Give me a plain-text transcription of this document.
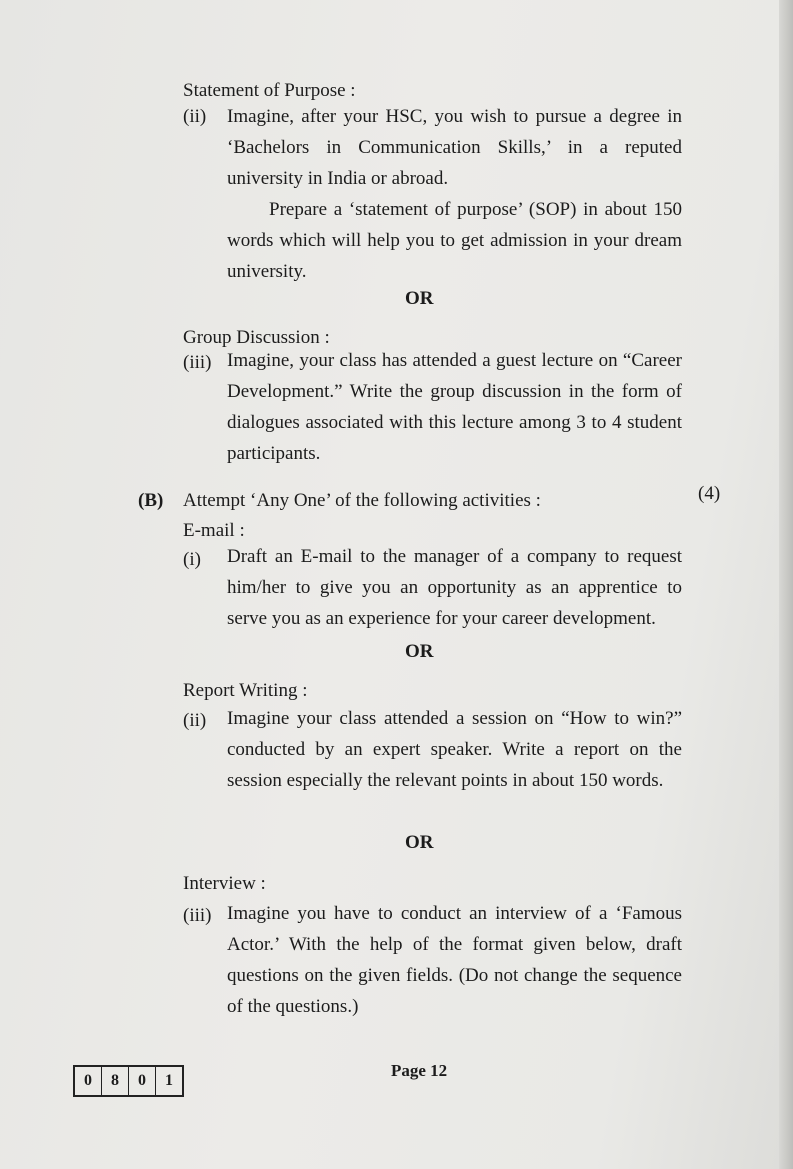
Statement of Purpose :
(ii) Imagine, after your HSC, you wish to pursue a degree in ‘Bachelors in Communication Skills,’ in a reputed university in India or abroad.

Prepare a ‘statement of purpose’ (SOP) in about 150 words which will help you to get admission in your dream university.

OR
Group Discussion :
(iii) Imagine, your class has attended a guest lecture on “Career Development.” Write the group discussion in the form of dialogues associated with this lecture among 3 to 4 student participants.

(B) Attempt ‘Any One’ of the following activities :	(4)
E-mail :
(i) Draft an E-mail to the manager of a company to request him/her to give you an opportunity as an apprentice to serve you as an experience for your career development.

OR
Report Writing :
(ii) Imagine your class attended a session on “How to win?” conducted by an expert speaker. Write a report on the session especially the relevant points in about 150 words.

OR
Interview :
(iii) Imagine you have to conduct an interview of a ‘Famous Actor.’ With the help of the format given below, draft questions on the given fields. (Do not change the sequence of the questions.)

0	8	0	1
Page 12
